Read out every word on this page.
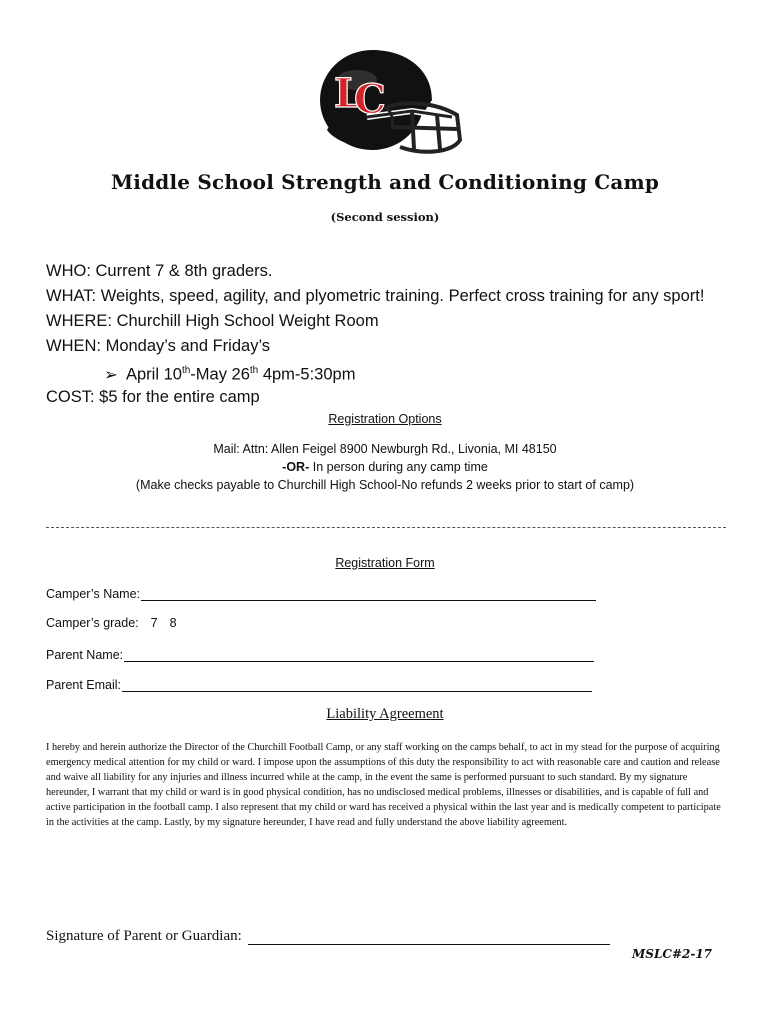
L
C
Middle School Strength and Conditioning Camp
(Second session)
WHO: Current 7 & 8th graders.
WHAT: Weights, speed, agility, and plyometric training. Perfect cross training for any sport!
WHERE: Churchill High School Weight Room
WHEN: Monday’s and Friday’s
➢ April 10th-May 26th 4pm-5:30pm
COST: $5 for the entire camp
Registration Options
Mail: Attn: Allen Feigel 8900 Newburgh Rd., Livonia, MI 48150
-OR- In person during any camp time
(Make checks payable to Churchill High School-No refunds 2 weeks prior to start of camp)
Registration Form
Camper’s Name:
Camper’s grade: 7 8
Parent Name:
Parent Email:
Liability Agreement
I hereby and herein authorize the Director of the Churchill Football Camp, or any staff working on the camps behalf, to act in my stead for the purpose of acquiring emergency medical attention for my child or ward. I impose upon the assumptions of this duty the responsibility to act with reasonable care and caution and release and waive all liability for any injuries and illness incurred while at the camp, in the event the same is performed pursuant to such standard. By my signature hereunder, I warrant that my child or ward is in good physical condition, has no undisclosed medical problems, illnesses or disabilities, and is capable of full and active participation in the football camp. I also represent that my child or ward has received a physical within the last year and is medically competent to participate in the activities at the camp. Lastly, by my signature hereunder, I have read and fully understand the above liability agreement.
Signature of Parent or Guardian:
MSLC#2-17
